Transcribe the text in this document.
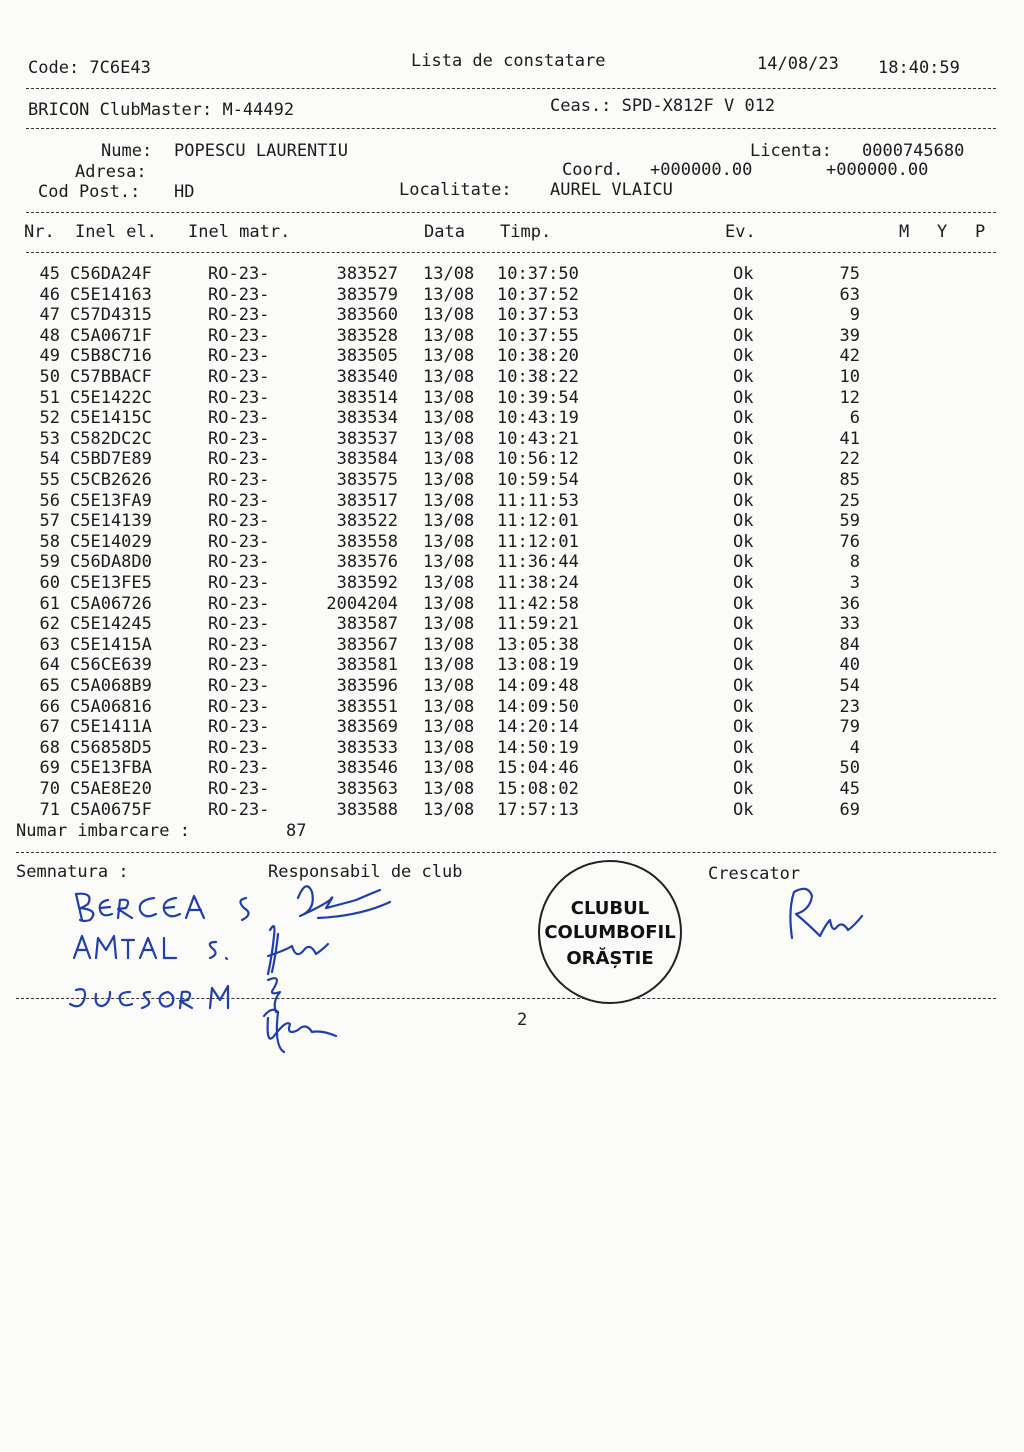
Code: 7C6E43	Lista de constatare	14/08/23 18:40:59
BRICON ClubMaster: M-44492	Ceas.: SPD-X812F V 012
Nume: POPESCU LAURENTIU	Licenta: 0000745680
Adresa:	Coord. +000000.00	+000000.00
Cod Post.: HD	Localitate: AUREL VLAICU
Nr. Inel el. Inel matr.	Data Timp.	Ev.	M Y P
45 C56DA24F	RO-23-	383527 13/08 10:37:50	Ok	75
46 C5E14163	RO-23-	383579 13/08 10:37:52	Ok	63
47 C57D4315	RO-23-	383560 13/08 10:37:53	Ok	9
48 C5A0671F	RO-23-	383528 13/08 10:37:55	Ok	39
49 C5B8C716	RO-23-	383505 13/08 10:38:20	Ok	42
50 C57BBACF	RO-23-	383540 13/08 10:38:22	Ok	10
51 C5E1422C	RO-23-	383514 13/08 10:39:54	Ok	12
52 C5E1415C	RO-23-	383534 13/08 10:43:19	Ok	6
53 C582DC2C	RO-23-	383537 13/08 10:43:21	Ok	41
54 C5BD7E89	RO-23-	383584 13/08 10:56:12	Ok	22
55 C5CB2626	RO-23-	383575 13/08 10:59:54	Ok	85
56 C5E13FA9	RO-23-	383517 13/08 11:11:53	Ok	25
57 C5E14139	RO-23-	383522 13/08 11:12:01	Ok	59
58 C5E14029	RO-23-	383558 13/08 11:12:01	Ok	76
59 C56DA8D0	RO-23-	383576 13/08 11:36:44	Ok	8
60 C5E13FE5	RO-23-	383592 13/08 11:38:24	Ok	3
61 C5A06726	RO-23-	2004204 13/08 11:42:58	Ok	36
62 C5E14245	RO-23-	383587 13/08 11:59:21	Ok	33
63 C5E1415A	RO-23-	383567 13/08 13:05:38	Ok	84
64 C56CE639	RO-23-	383581 13/08 13:08:19	Ok	40
65 C5A068B9	RO-23-	383596 13/08 14:09:48	Ok	54
66 C5A06816	RO-23-	383551 13/08 14:09:50	Ok	23
67 C5E1411A	RO-23-	383569 13/08 14:20:14	Ok	79
68 C56858D5	RO-23-	383533 13/08 14:50:19	Ok	4
69 C5E13FBA	RO-23-	383546 13/08 15:04:46	Ok	50
70 C5AE8E20	RO-23-	383563 13/08 15:08:02	Ok	45
71 C5A0675F	RO-23-	383588 13/08 17:57:13	Ok	69
Numar imbarcare :	87
Semnatura :	Responsabil de club	Crescator
2
CLUBUL
COLUMBOFIL
ORĂȘTIE
